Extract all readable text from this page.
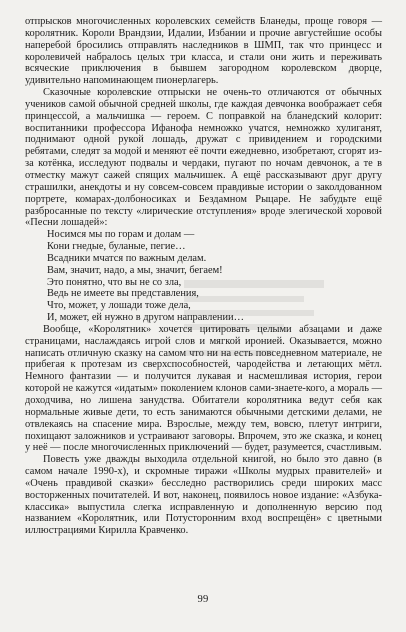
отпрысков многочисленных королевских семейств Бланеды, проще говоря — королятник. Короли Врандзии, Идалии, Избании и прочие августейшие особы наперебой бросились отправлять наследников в ШМП, так что принцесс и королевичей набралось целых три класса, и стали они жить и переживать всяческие приключения в бывшем загородном королевском дворце, удивительно напоминающем пионерлагерь.

Сказочные королевские отпрыски не очень-то отличаются от обычных учеников самой обычной средней школы, где каждая девчонка воображает себя принцессой, а мальчишка — героем. С поправкой на бланедский колорит: воспитанники профессора Ифанофа немножко учатся, немножко хулиганят, поднимают одной рукой лошадь, дружат с привидением и городскими ребятами, следят за модой и меняют её почти ежедневно, изобретают, сгорят из-за котёнка, исследуют подвалы и чердаки, пугают по ночам девчонок, а те в отместку мажут сажей спящих мальчишек. А ещё рассказывают друг другу страшилки, анекдоты и ну совсем-совсем правдивые истории о заколдованном портрете, комарах-долбоносиках и Бездамном Рыцаре. Не забудьте ещё разбросанные по тексту «лирические отступления» вроде элегической хоровой «Песни лошадей»:

Носимся мы по горам и долам —
Кони гнедые, буланые, пегие…
Всадники мчатся по важным делам.
Вам, значит, надо, а мы, значит, бегаем!
Это понятно, что вы не со зла,
Ведь не имеете вы представления,
Что, может, у лошади тоже дела,
И, может, ей нужно в другом направлении…

Вообще, «Королятник» хочется цитировать целыми абзацами и даже страницами, наслаждаясь игрой слов и мягкой иронией. Оказывается, можно написать отличную сказку на самом что ни на есть повседневном материале, не прибегая к протезам из сверхспособностей, чародейства и летающих мётл. Немного фантазии — и получится лукавая и насмешливая история, герои которой не кажутся «идатым» поколением клонов сами-знаете-кого, а мораль — доходчива, но лишена занудства. Обитатели королятника ведут себя как нормальные живые дети, то есть занимаются обычными детскими делами, не отвлекаясь на спасение мира. Взрослые, между тем, вовсю, плетут интриги, похищают заложников и устраивают заговоры. Впрочем, это же сказка, и конец у неё — после многочисленных приключений — будет, разумеется, счастливым.

Повесть уже дважды выходила отдельной книгой, но было это давно (в самом начале 1990-х), и скромные тиражи «Школы мудрых правителей» и «Очень правдивой сказки» бесследно растворились среди широких масс восторженных почитателей. И вот, наконец, появилось новое издание: «Азбука-классика» выпустила слегка исправленную и дополненную версию под названием «Королятник, или Потусторонним вход воспрещён» с цветными иллюстрациями Кирилла Кравченко.

99
